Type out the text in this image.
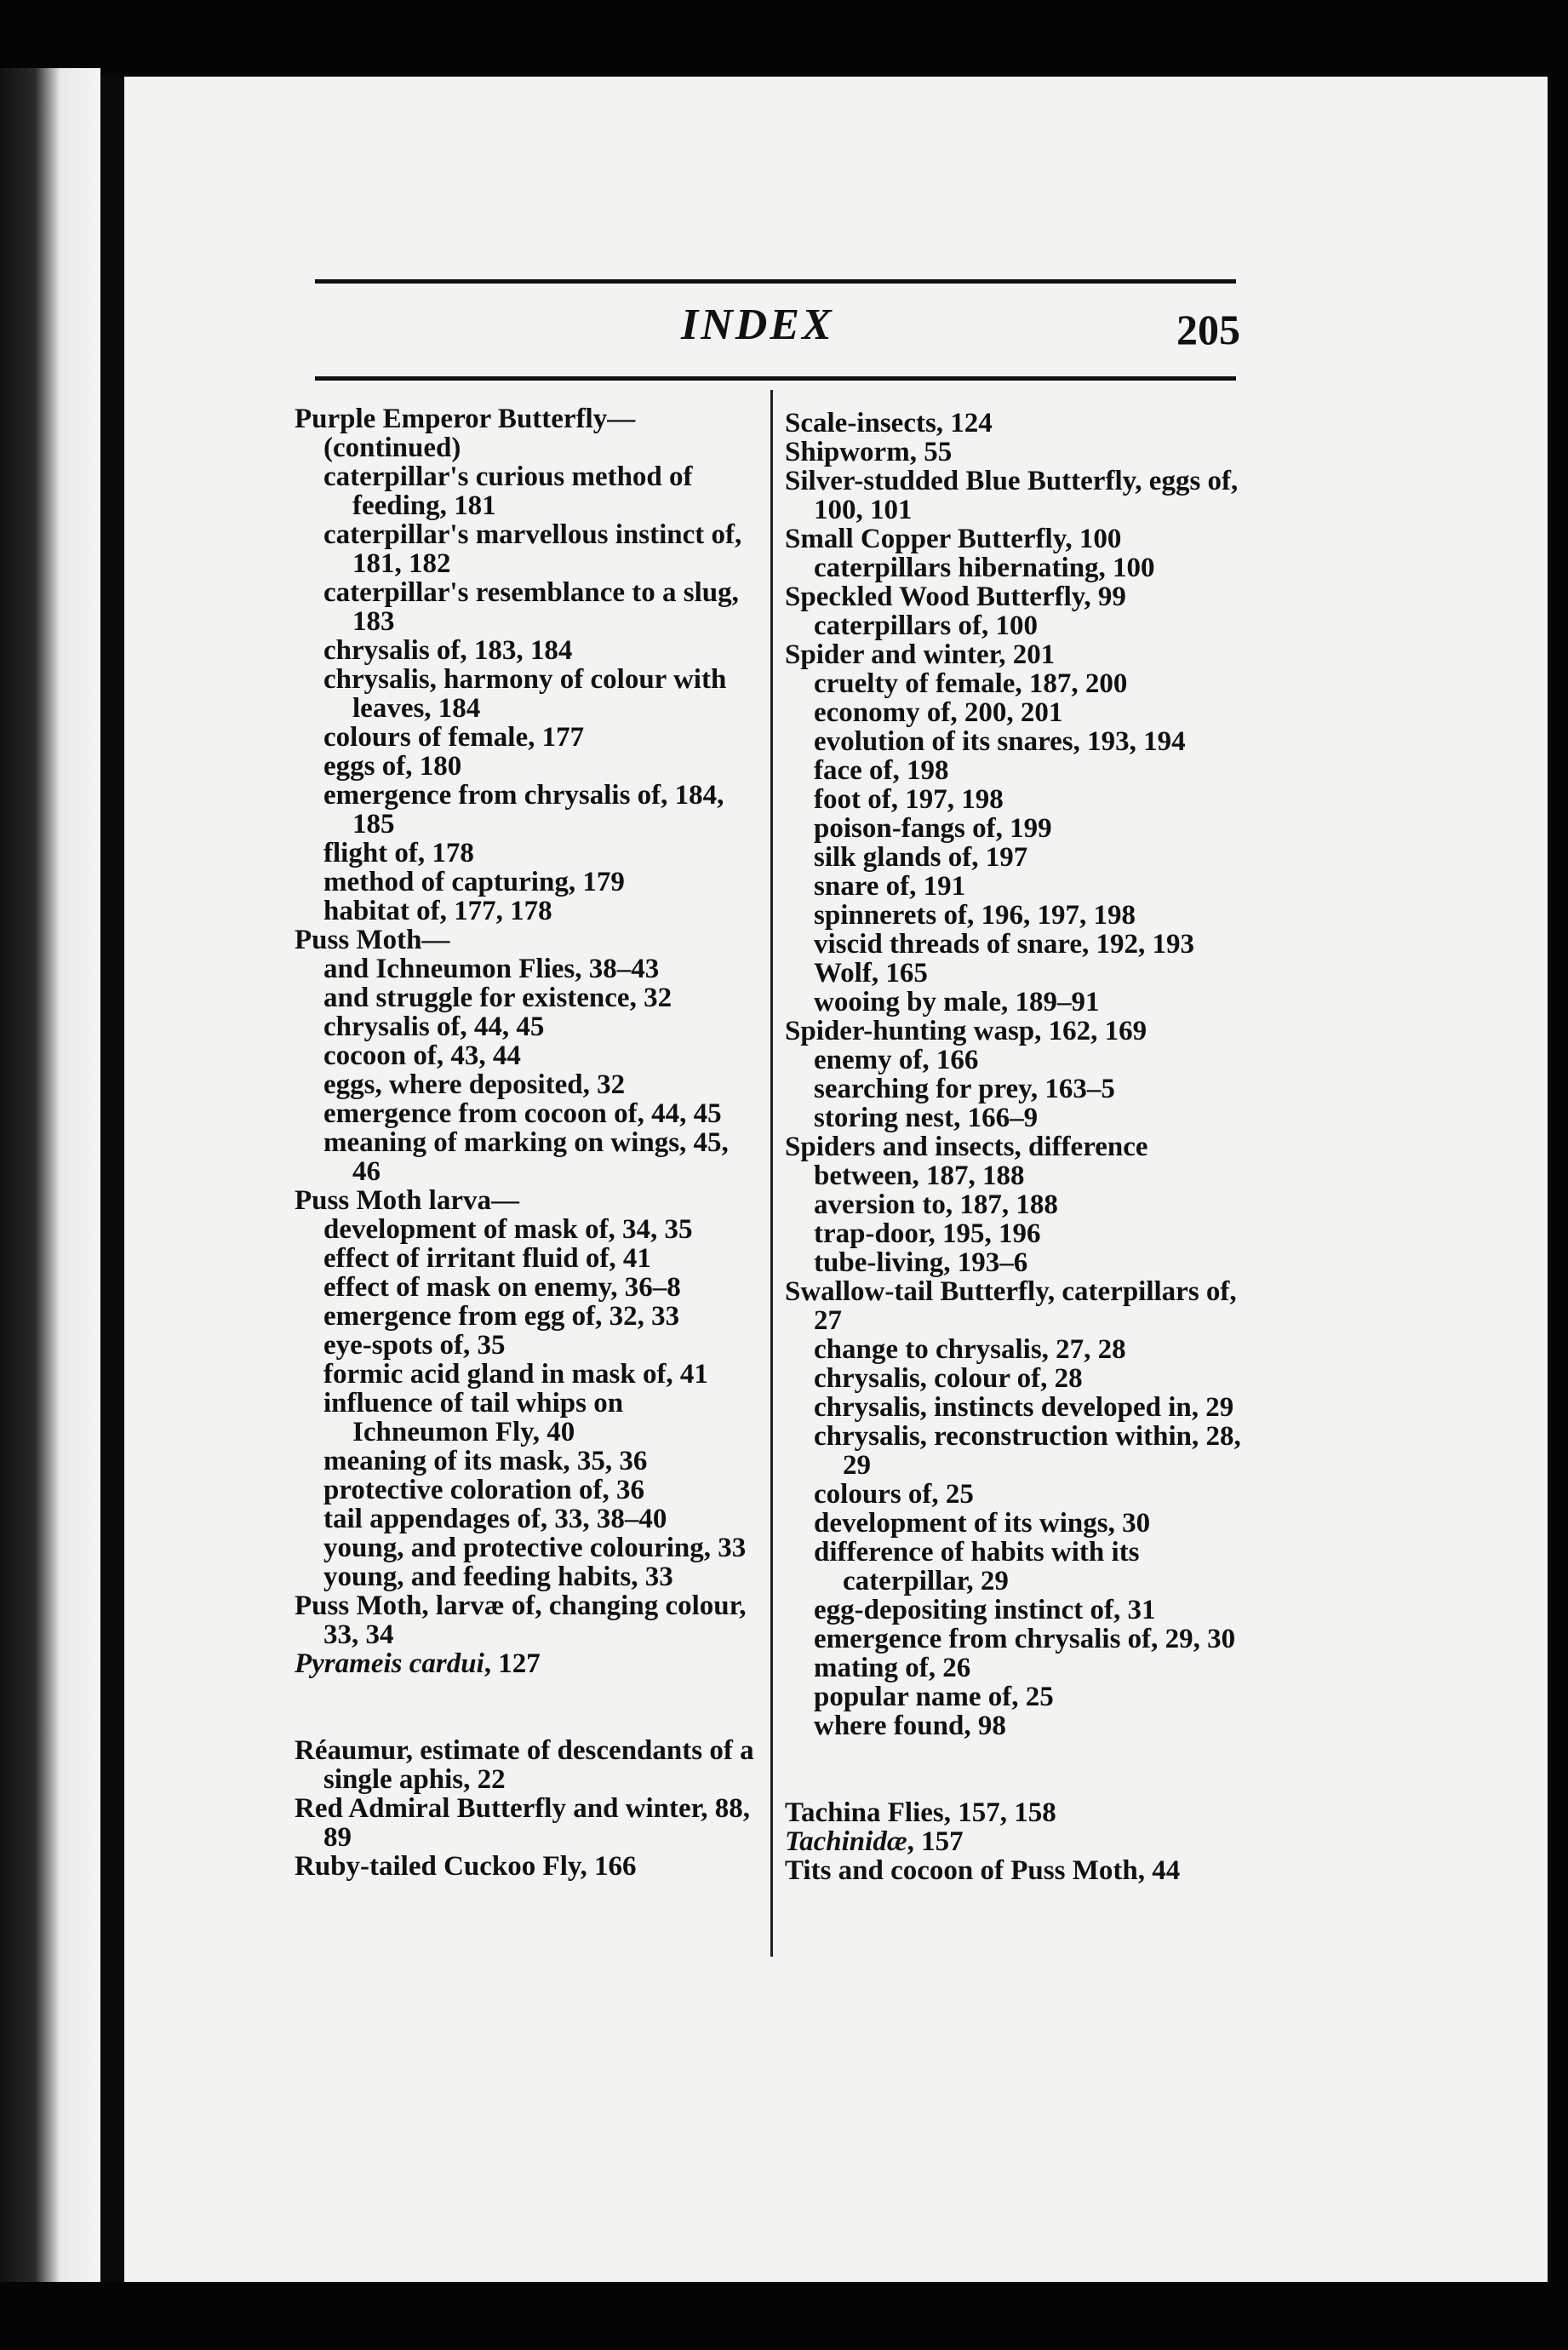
INDEX	205
Purple Emperor Butterfly—(continued)
caterpillar's curious method of feeding, 181
caterpillar's marvellous instinct of, 181, 182
caterpillar's resemblance to a slug, 183
chrysalis of, 183, 184
chrysalis, harmony of colour with leaves, 184
colours of female, 177
eggs of, 180
emergence from chrysalis of, 184, 185
flight of, 178
method of capturing, 179
habitat of, 177, 178
Puss Moth—
and Ichneumon Flies, 38–43
and struggle for existence, 32
chrysalis of, 44, 45
cocoon of, 43, 44
eggs, where deposited, 32
emergence from cocoon of, 44, 45
meaning of marking on wings, 45, 46
Puss Moth larva—
development of mask of, 34, 35
effect of irritant fluid of, 41
effect of mask on enemy, 36–8
emergence from egg of, 32, 33
eye-spots of, 35
formic acid gland in mask of, 41
influence of tail whips on Ichneumon Fly, 40
meaning of its mask, 35, 36
protective coloration of, 36
tail appendages of, 33, 38–40
young, and protective colouring, 33
young, and feeding habits, 33
Puss Moth, larvæ of, changing colour, 33, 34
Pyrameis cardui, 127
Réaumur, estimate of descendants of a single aphis, 22
Red Admiral Butterfly and winter, 88, 89
Ruby-tailed Cuckoo Fly, 166
Scale-insects, 124
Shipworm, 55
Silver-studded Blue Butterfly, eggs of, 100, 101
Small Copper Butterfly, 100
caterpillars hibernating, 100
Speckled Wood Butterfly, 99
caterpillars of, 100
Spider and winter, 201
cruelty of female, 187, 200
economy of, 200, 201
evolution of its snares, 193, 194
face of, 198
foot of, 197, 198
poison-fangs of, 199
silk glands of, 197
snare of, 191
spinnerets of, 196, 197, 198
viscid threads of snare, 192, 193
Wolf, 165
wooing by male, 189–91
Spider-hunting wasp, 162, 169
enemy of, 166
searching for prey, 163–5
storing nest, 166–9
Spiders and insects, difference between, 187, 188
aversion to, 187, 188
trap-door, 195, 196
tube-living, 193–6
Swallow-tail Butterfly, caterpillars of, 27
change to chrysalis, 27, 28
chrysalis, colour of, 28
chrysalis, instincts developed in, 29
chrysalis, reconstruction within, 28, 29
colours of, 25
development of its wings, 30
difference of habits with its caterpillar, 29
egg-depositing instinct of, 31
emergence from chrysalis of, 29, 30
mating of, 26
popular name of, 25
where found, 98
Tachina Flies, 157, 158
Tachinidæ, 157
Tits and cocoon of Puss Moth, 44
